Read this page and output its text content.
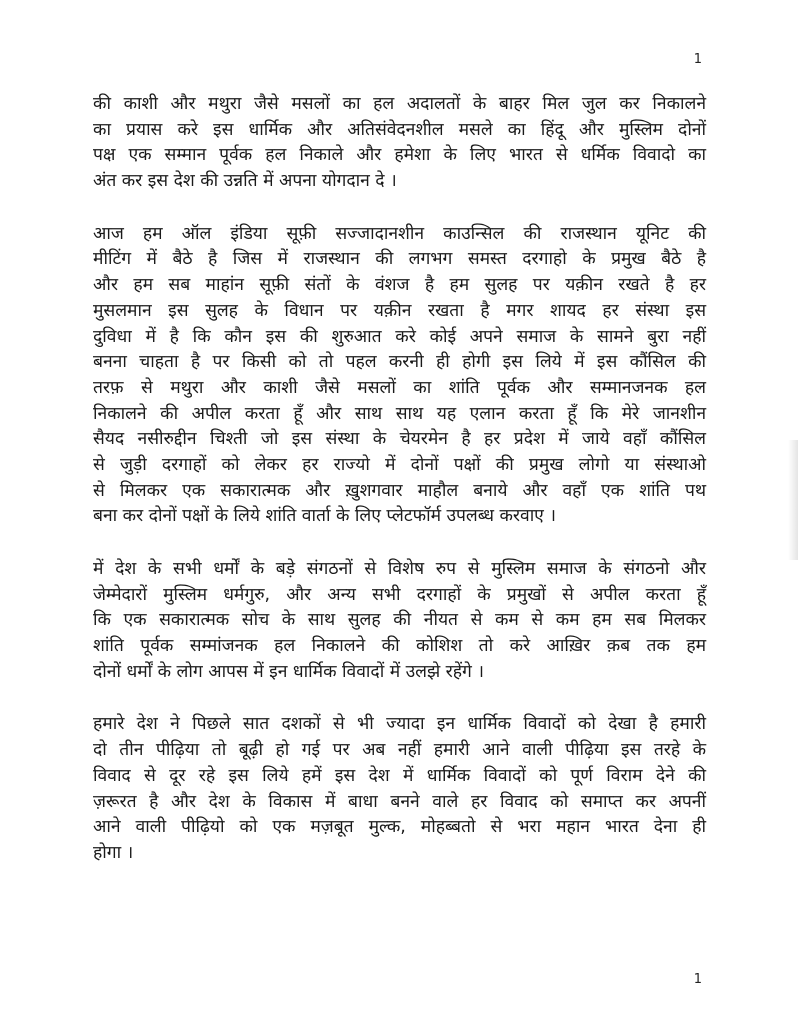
1

की काशी और मथुरा जैसे मसलों का हल अदालतों के बाहर मिल जुल कर निकालने
का प्रयास करे इस धार्मिक और अतिसंवेदनशील मसले का हिंदू और मुस्लिम दोनों
पक्ष एक सम्मान पूर्वक हल निकाले और हमेशा के लिए भारत से धर्मिक विवादो का
अंत कर इस देश की उन्नति में अपना योगदान दे ।

आज हम ऑल इंडिया सूफ़ी सज्जादानशीन काउन्सिल की राजस्थान यूनिट की
मीटिंग में बैठे है जिस में राजस्थान की लगभग समस्त दरगाहो के प्रमुख बैठे है
और हम सब माहांन सूफ़ी संतों के वंशज है हम सुलह पर यक़ीन रखते है हर
मुसलमान इस सुलह के विधान पर यक़ीन रखता है मगर शायद हर संस्था इस
दुविधा में है कि कौन इस की शुरुआत करे कोई अपने समाज के सामने बुरा नहीं
बनना चाहता है पर किसी को तो पहल करनी ही होगी इस लिये में इस कौंसिल की
तरफ़ से मथुरा और काशी जैसे मसलों का शांति पूर्वक और सम्मानजनक हल
निकालने की अपील करता हूँ और साथ साथ यह एलान करता हूँ कि मेरे जानशीन
सैयद नसीरुद्दीन चिश्ती जो इस संस्था के चेयरमेन है हर प्रदेश में जाये वहाँ कौंसिल
से जुड़ी दरगाहों को लेकर हर राज्यो में दोनों पक्षों की प्रमुख लोगो या संस्थाओ
से मिलकर एक सकारात्मक और ख़ुशगवार माहौल बनाये और वहाँ एक शांति पथ
बना कर दोनों पक्षों के लिये शांति वार्ता के लिए प्लेटफॉर्म उपलब्ध करवाए ।

में देश के सभी धर्मों के बड़े संगठनों से विशेष रुप से मुस्लिम समाज के संगठनो और
जेम्मेदारों मुस्लिम धर्मगुरु, और अन्य सभी दरगाहों के प्रमुखों से अपील करता हूँ
कि एक सकारात्मक सोच के साथ सुलह की नीयत से कम से कम हम सब मिलकर
शांति पूर्वक सम्मांजनक हल निकालने की कोशिश तो करे आख़िर क़ब तक हम
दोनों धर्मों के लोग आपस में इन धार्मिक विवादों में उलझे रहेंगे ।

हमारे देश ने पिछले सात दशकों से भी ज्यादा इन धार्मिक विवादों को देखा है हमारी
दो तीन पीढ़िया तो बूढ़ी हो गई पर अब नहीं हमारी आने वाली पीढ़िया इस तरहे के
विवाद से दूर रहे इस लिये हमें इस देश में धार्मिक विवादों को पूर्ण विराम देने की
ज़रूरत है और देश के विकास में बाधा बनने वाले हर विवाद को समाप्त कर अपनीं
आने वाली पीढ़ियो को एक मज़बूत मुल्क, मोहब्बतो से भरा महान भारत देना ही
होगा ।

1
